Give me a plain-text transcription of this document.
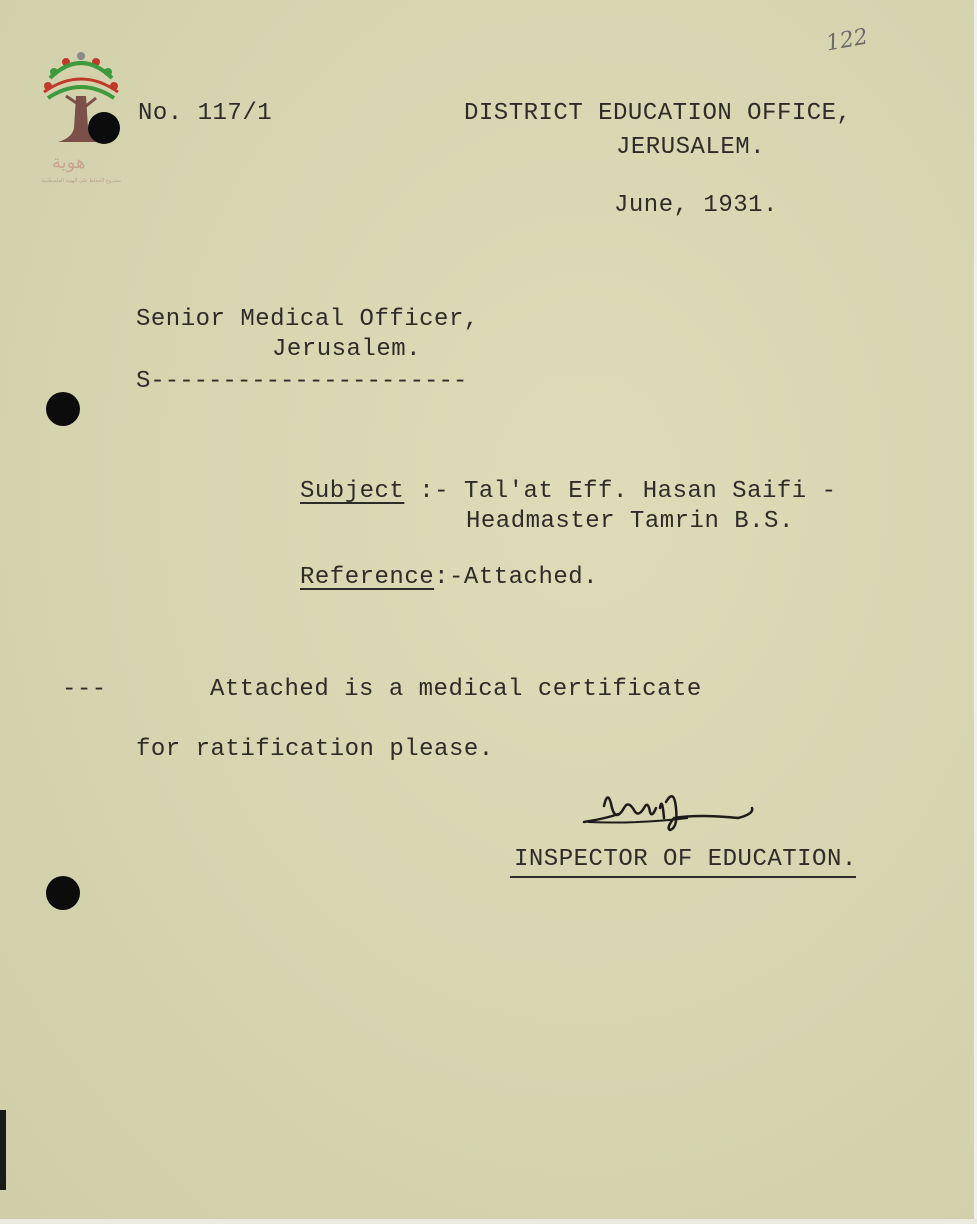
122
هوية
مشروع الحفاظ على الهوية الفلسطينية
No. 117/1	DISTRICT EDUCATION OFFICE,
JERUSALEM.
June, 1931.
Senior Medical Officer,
Jerusalem.
S----------------------
Subject :- Tal'at Eff. Hasan Saifi -
Headmaster Tamrin B.S.
Reference:-Attached.
---	Attached is a medical certificate
for ratification please.
INSPECTOR OF EDUCATION.
